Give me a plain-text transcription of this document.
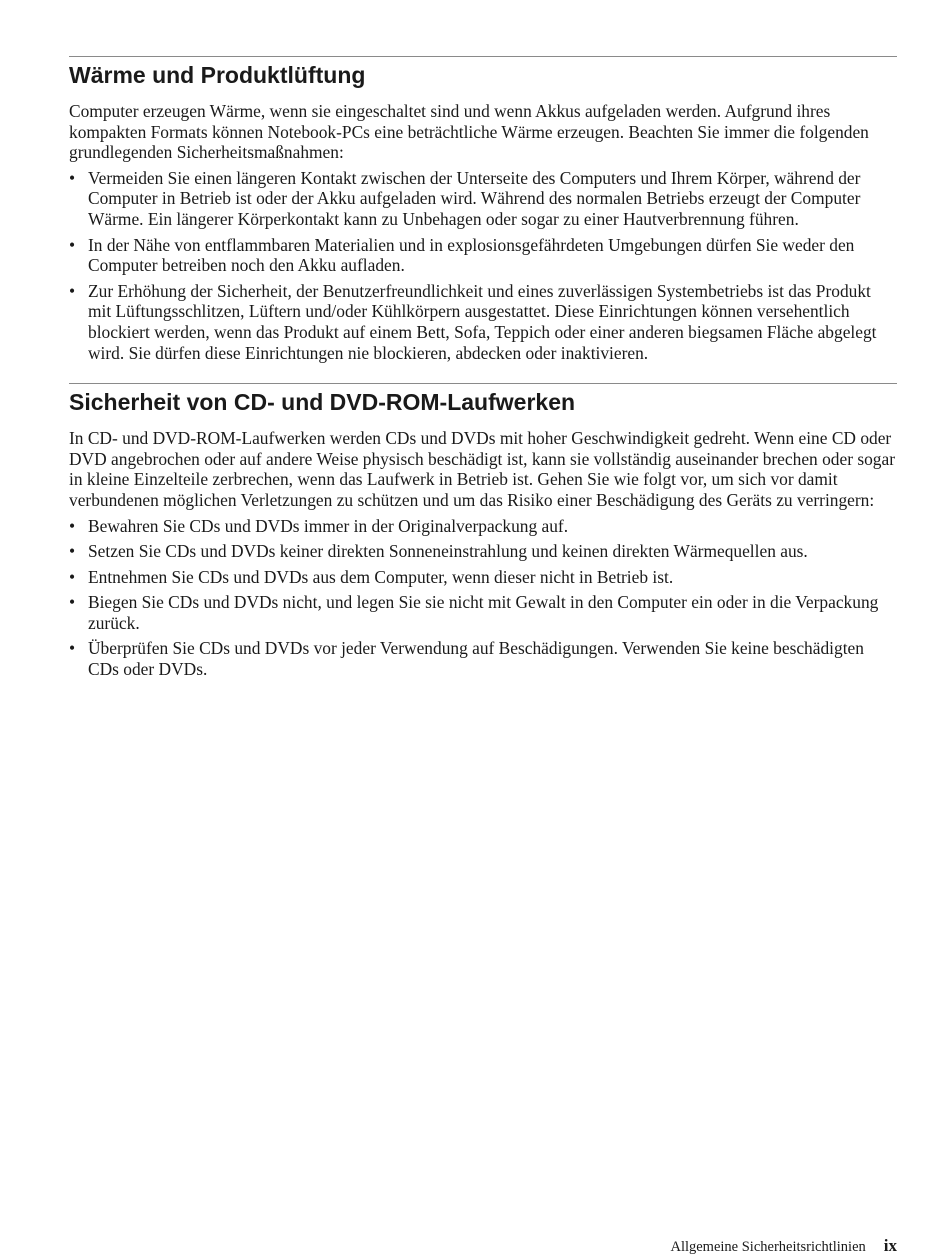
Wärme und Produktlüftung

Computer erzeugen Wärme, wenn sie eingeschaltet sind und wenn Akkus aufgeladen werden. Aufgrund ihres kompakten Formats können Notebook-PCs eine beträchtliche Wärme erzeugen. Beachten Sie immer die folgenden grundlegenden Sicherheitsmaßnahmen:

• Vermeiden Sie einen längeren Kontakt zwischen der Unterseite des Computers und Ihrem Körper, während der Computer in Betrieb ist oder der Akku aufgeladen wird. Während des normalen Betriebs erzeugt der Computer Wärme. Ein längerer Körperkontakt kann zu Unbehagen oder sogar zu einer Hautverbrennung führen.
• In der Nähe von entflammbaren Materialien und in explosionsgefährdeten Umgebungen dürfen Sie weder den Computer betreiben noch den Akku aufladen.
• Zur Erhöhung der Sicherheit, der Benutzerfreundlichkeit und eines zuverlässigen Systembetriebs ist das Produkt mit Lüftungsschlitzen, Lüftern und/oder Kühlkörpern ausgestattet. Diese Einrichtungen können versehentlich blockiert werden, wenn das Produkt auf einem Bett, Sofa, Teppich oder einer anderen biegsamen Fläche abgelegt wird. Sie dürfen diese Einrichtungen nie blockieren, abdecken oder inaktivieren.
Sicherheit von CD- und DVD-ROM-Laufwerken

In CD- und DVD-ROM-Laufwerken werden CDs und DVDs mit hoher Geschwindigkeit gedreht. Wenn eine CD oder DVD angebrochen oder auf andere Weise physisch beschädigt ist, kann sie vollständig auseinander brechen oder sogar in kleine Einzelteile zerbrechen, wenn das Laufwerk in Betrieb ist. Gehen Sie wie folgt vor, um sich vor damit verbundenen möglichen Verletzungen zu schützen und um das Risiko einer Beschädigung des Geräts zu verringern:

• Bewahren Sie CDs und DVDs immer in der Originalverpackung auf.
• Setzen Sie CDs und DVDs keiner direkten Sonneneinstrahlung und keinen direkten Wärmequellen aus.
• Entnehmen Sie CDs und DVDs aus dem Computer, wenn dieser nicht in Betrieb ist.
• Biegen Sie CDs und DVDs nicht, und legen Sie sie nicht mit Gewalt in den Computer ein oder in die Verpackung zurück.
• Überprüfen Sie CDs und DVDs vor jeder Verwendung auf Beschädigungen. Verwenden Sie keine beschädigten CDs oder DVDs.
Allgemeine Sicherheitsrichtlinien ix
